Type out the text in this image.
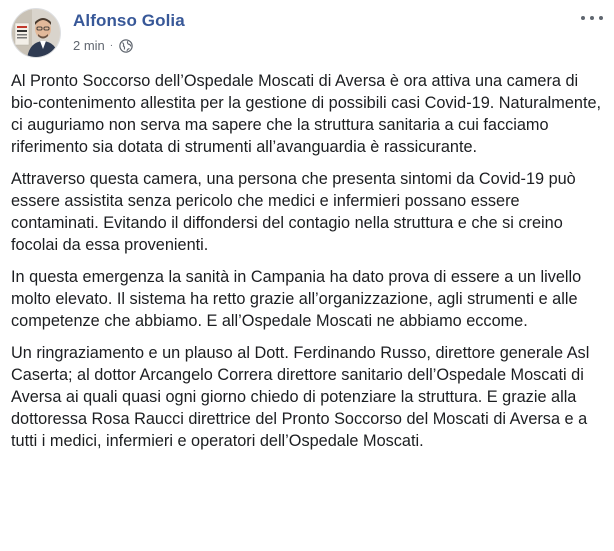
Alfonso Golia
2 min ·

Al Pronto Soccorso dell’Ospedale Moscati di Aversa è ora attiva una camera di bio-contenimento allestita per la gestione di possibili casi Covid-19. Naturalmente, ci auguriamo non serva ma sapere che la struttura sanitaria a cui facciamo riferimento sia dotata di strumenti all’avanguardia è rassicurante.

Attraverso questa camera, una persona che presenta sintomi da Covid-19 può essere assistita senza pericolo che medici e infermieri possano essere contaminati. Evitando il diffondersi del contagio nella struttura e che si creino focolai da essa provenienti.

In questa emergenza la sanità in Campania ha dato prova di essere a un livello molto elevato. Il sistema ha retto grazie all’organizzazione, agli strumenti e alle competenze che abbiamo. E all’Ospedale Moscati ne abbiamo eccome.

Un ringraziamento e un plauso al Dott. Ferdinando Russo, direttore generale Asl Caserta; al dottor Arcangelo Correra direttore sanitario dell’Ospedale Moscati di Aversa ai quali quasi ogni giorno chiedo di potenziare la struttura. E grazie alla dottoressa Rosa Raucci direttrice del Pronto Soccorso del Moscati di Aversa e a tutti i medici, infermieri e operatori dell’Ospedale Moscati.
